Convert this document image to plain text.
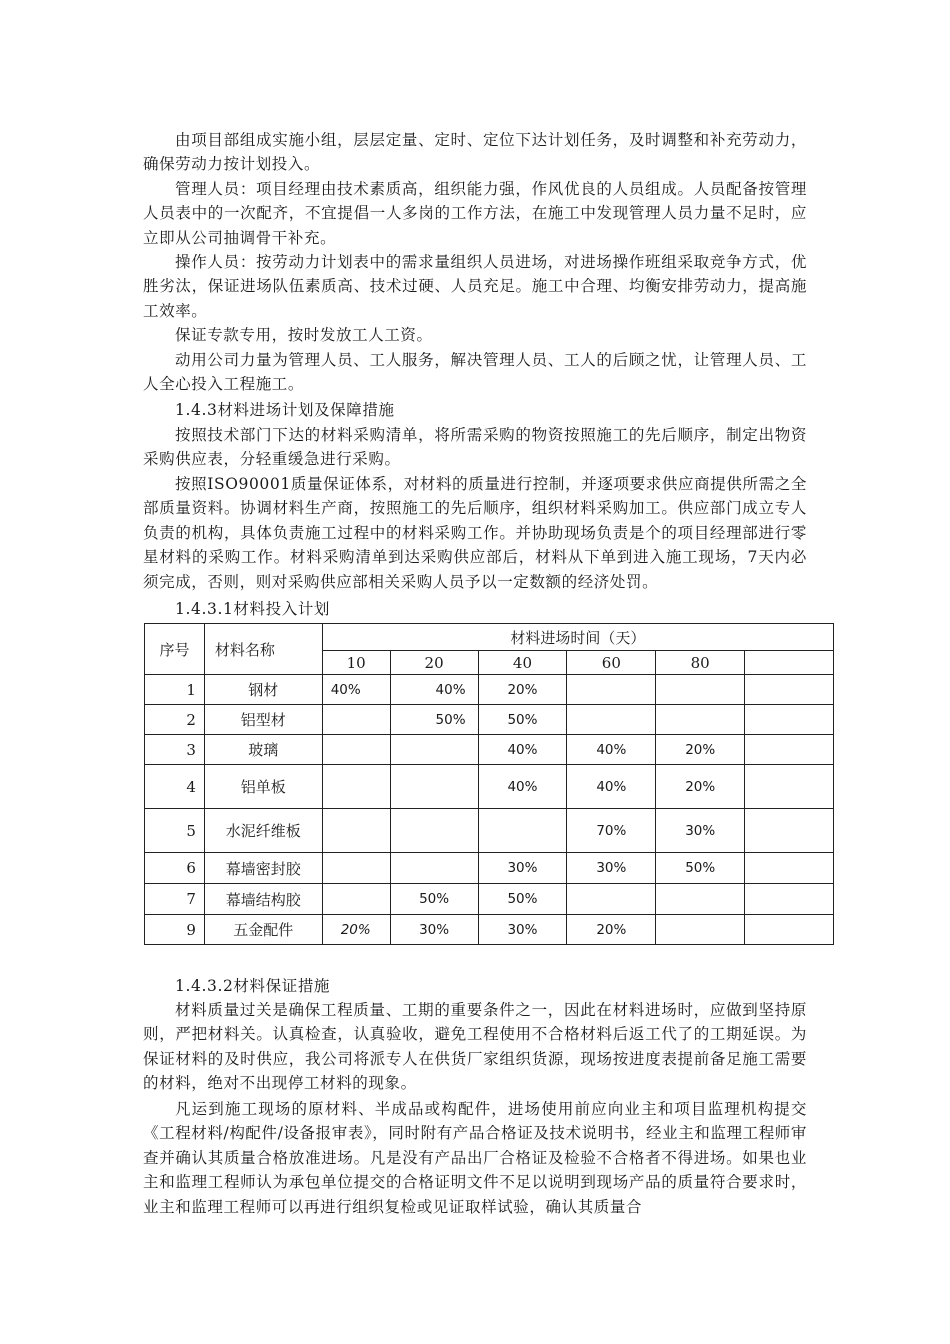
由项目部组成实施小组，层层定量、定时、定位下达计划任务，及时调整和补充劳动力，确保劳动力按计划投入。

管理人员：项目经理由技术素质高，组织能力强，作风优良的人员组成。人员配备按管理人员表中的一次配齐，不宜提倡一人多岗的工作方法，在施工中发现管理人员力量不足时，应立即从公司抽调骨干补充。

操作人员：按劳动力计划表中的需求量组织人员进场，对进场操作班组采取竞争方式，优胜劣汰，保证进场队伍素质高、技术过硬、人员充足。施工中合理、均衡安排劳动力，提高施工效率。

保证专款专用，按时发放工人工资。

动用公司力量为管理人员、工人服务，解决管理人员、工人的后顾之忧，让管理人员、工人全心投入工程施工。

1.4.3材料进场计划及保障措施

按照技术部门下达的材料采购清单，将所需采购的物资按照施工的先后顺序，制定出物资采购供应表，分轻重缓急进行采购。

按照ISO90001质量保证体系，对材料的质量进行控制，并逐项要求供应商提供所需之全部质量资料。协调材料生产商，按照施工的先后顺序，组织材料采购加工。供应部门成立专人负责的机构，具体负责施工过程中的材料采购工作。并协助现场负责是个的项目经理部进行零星材料的采购工作。材料采购清单到达采购供应部后，材料从下单到进入施工现场，7天内必须完成，否则，则对采购供应部相关采购人员予以一定数额的经济处罚。

1.4.3.1材料投入计划

序号	材料名称	材料进场时间（天）					
		10	20	40	60	80	
1	钢材	40%	40%	20%			
2	铝型材		50%	50%			
3	玻璃			40%	40%	20%	
4	铝单板			40%	40%	20%	
5	水泥纤维板				70%	30%	
6	幕墙密封胶			30%	30%	50%	
7	幕墙结构胶		50%	50%			
9	五金配件	20%	30%	30%	20%		

1.4.3.2材料保证措施

材料质量过关是确保工程质量、工期的重要条件之一，因此在材料进场时，应做到坚持原则，严把材料关。认真检查，认真验收，避免工程使用不合格材料后返工代了的工期延误。为保证材料的及时供应，我公司将派专人在供货厂家组织货源，现场按进度表提前备足施工需要的材料，绝对不出现停工材料的现象。

凡运到施工现场的原材料、半成品或构配件，进场使用前应向业主和项目监理机构提交《工程材料/构配件/设备报审表》，同时附有产品合格证及技术说明书，经业主和监理工程师审查并确认其质量合格放准进场。凡是没有产品出厂合格证及检验不合格者不得进场。如果也业主和监理工程师认为承包单位提交的合格证明文件不足以说明到现场产品的质量符合要求时，业主和监理工程师可以再进行组织复检或见证取样试验，确认其质量合
